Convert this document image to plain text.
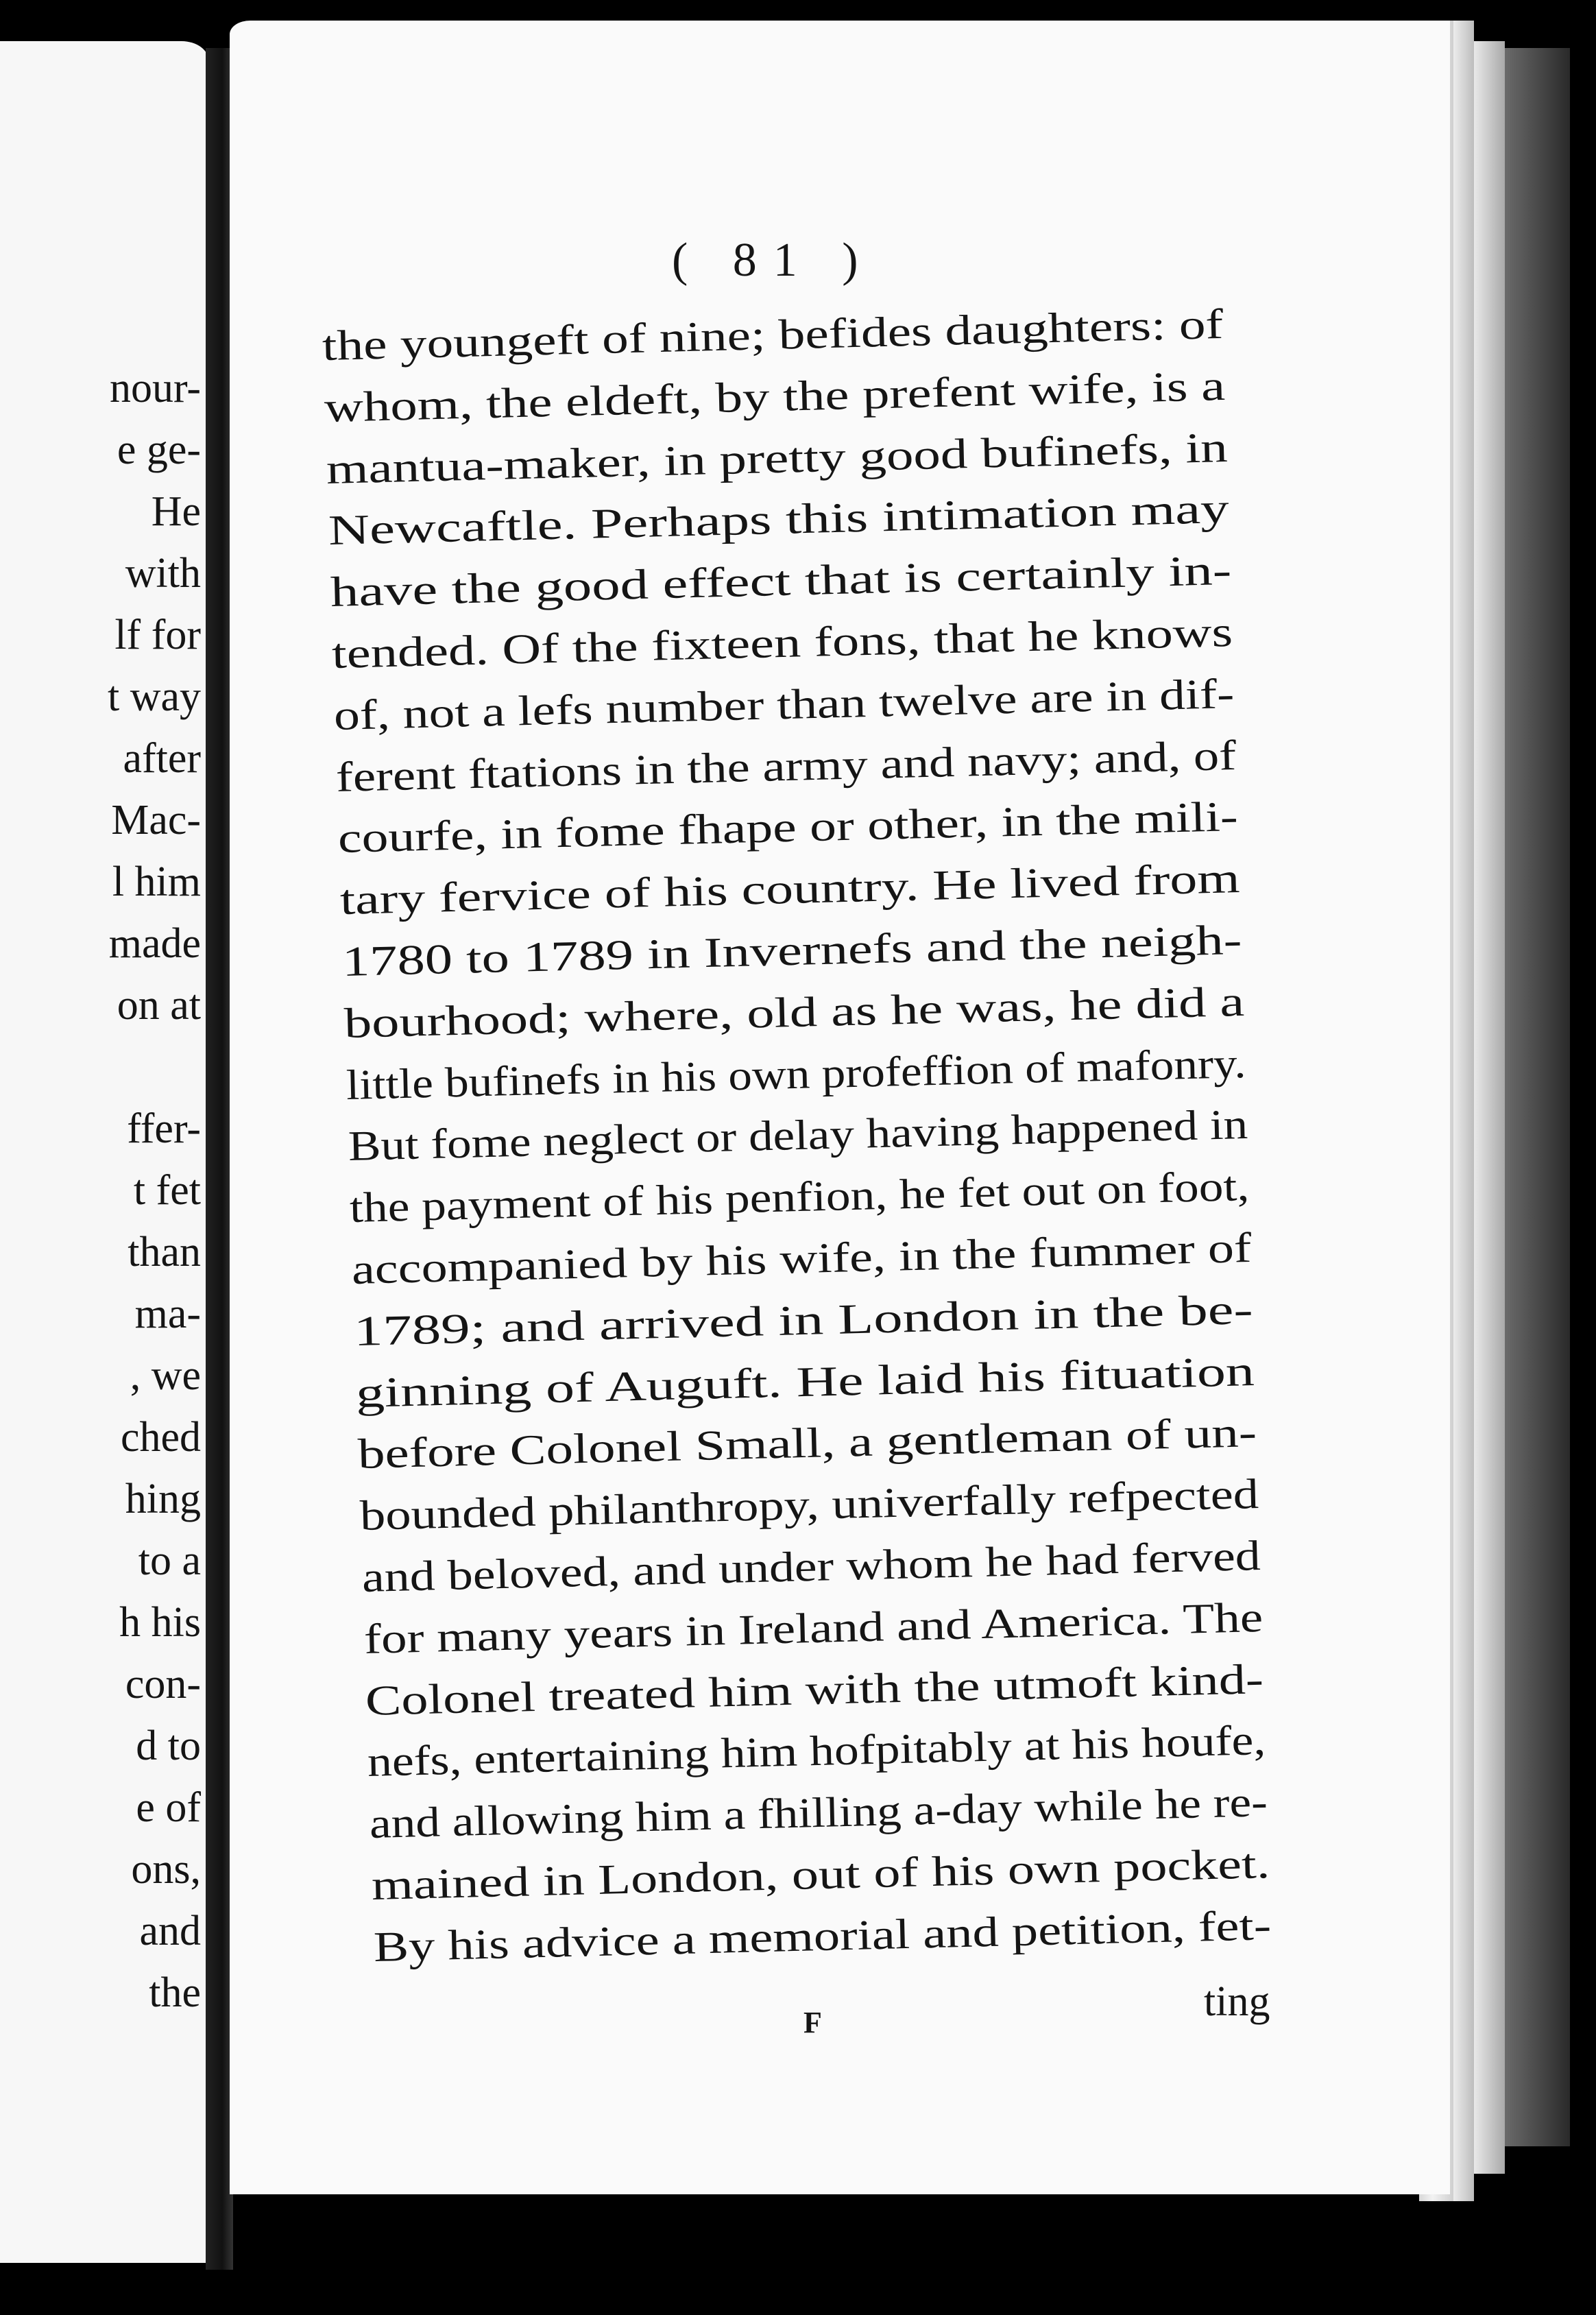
nour-
e ge-
He
with
lf for
t way
after
Mac-
l him
made
on at
ffer-
t fet
than
ma-
, we
ched
hing
to a
h his
con-
d to
e of
ons,
and
the
( 81 )
the youngeft of nine; befides daughters: of
whom, the eldeft, by the prefent wife, is a
mantua-maker, in pretty good bufinefs, in
Newcaftle. Perhaps this intimation may
have the good effect that is certainly in-
tended. Of the fixteen fons, that he knows
of, not a lefs number than twelve are in dif-
ferent ftations in the army and navy; and, of
courfe, in fome fhape or other, in the mili-
tary fervice of his country. He lived from
1780 to 1789 in Invernefs and the neigh-
bourhood; where, old as he was, he did a
little bufinefs in his own profeffion of mafonry.
But fome neglect or delay having happened in
the payment of his penfion, he fet out on foot,
accompanied by his wife, in the fummer of
1789; and arrived in London in the be-
ginning of Auguft. He laid his fituation
before Colonel Small, a gentleman of un-
bounded philanthropy, univerfally refpected
and beloved, and under whom he had ferved
for many years in Ireland and America. The
Colonel treated him with the utmoft kind-
nefs, entertaining him hofpitably at his houfe,
and allowing him a fhilling a-day while he re-
mained in London, out of his own pocket.
By his advice a memorial and petition, fet-
F	ting
